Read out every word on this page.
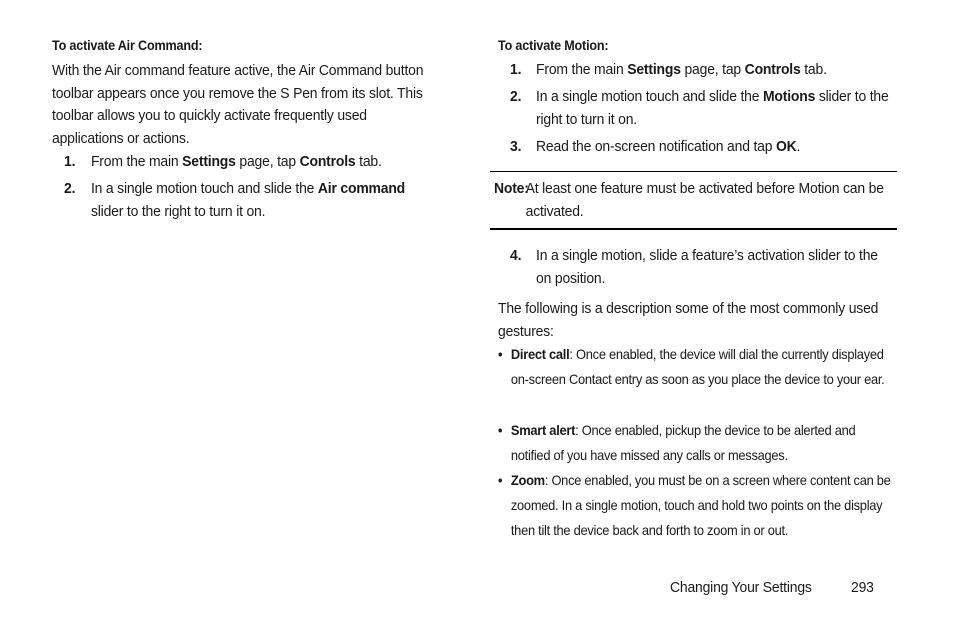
To activate Air Command:
With the Air command feature active, the Air Command button toolbar appears once you remove the S Pen from its slot. This toolbar allows you to quickly activate frequently used applications or actions.
1. From the main Settings page, tap Controls tab.
2. In a single motion touch and slide the Air command slider to the right to turn it on.
To activate Motion:
1. From the main Settings page, tap Controls tab.
2. In a single motion touch and slide the Motions slider to the right to turn it on.
3. Read the on-screen notification and tap OK.
Note:
At least one feature must be activated before Motion can be activated.
4. In a single motion, slide a feature’s activation slider to the on position.
The following is a description some of the most commonly used gestures:
• Direct call: Once enabled, the device will dial the currently displayed on-screen Contact entry as soon as you place the device to your ear.
• Smart alert: Once enabled, pickup the device to be alerted and notified of you have missed any calls or messages.
• Zoom: Once enabled, you must be on a screen where content can be zoomed. In a single motion, touch and hold two points on the display then tilt the device back and forth to zoom in or out.
Changing Your Settings	293
